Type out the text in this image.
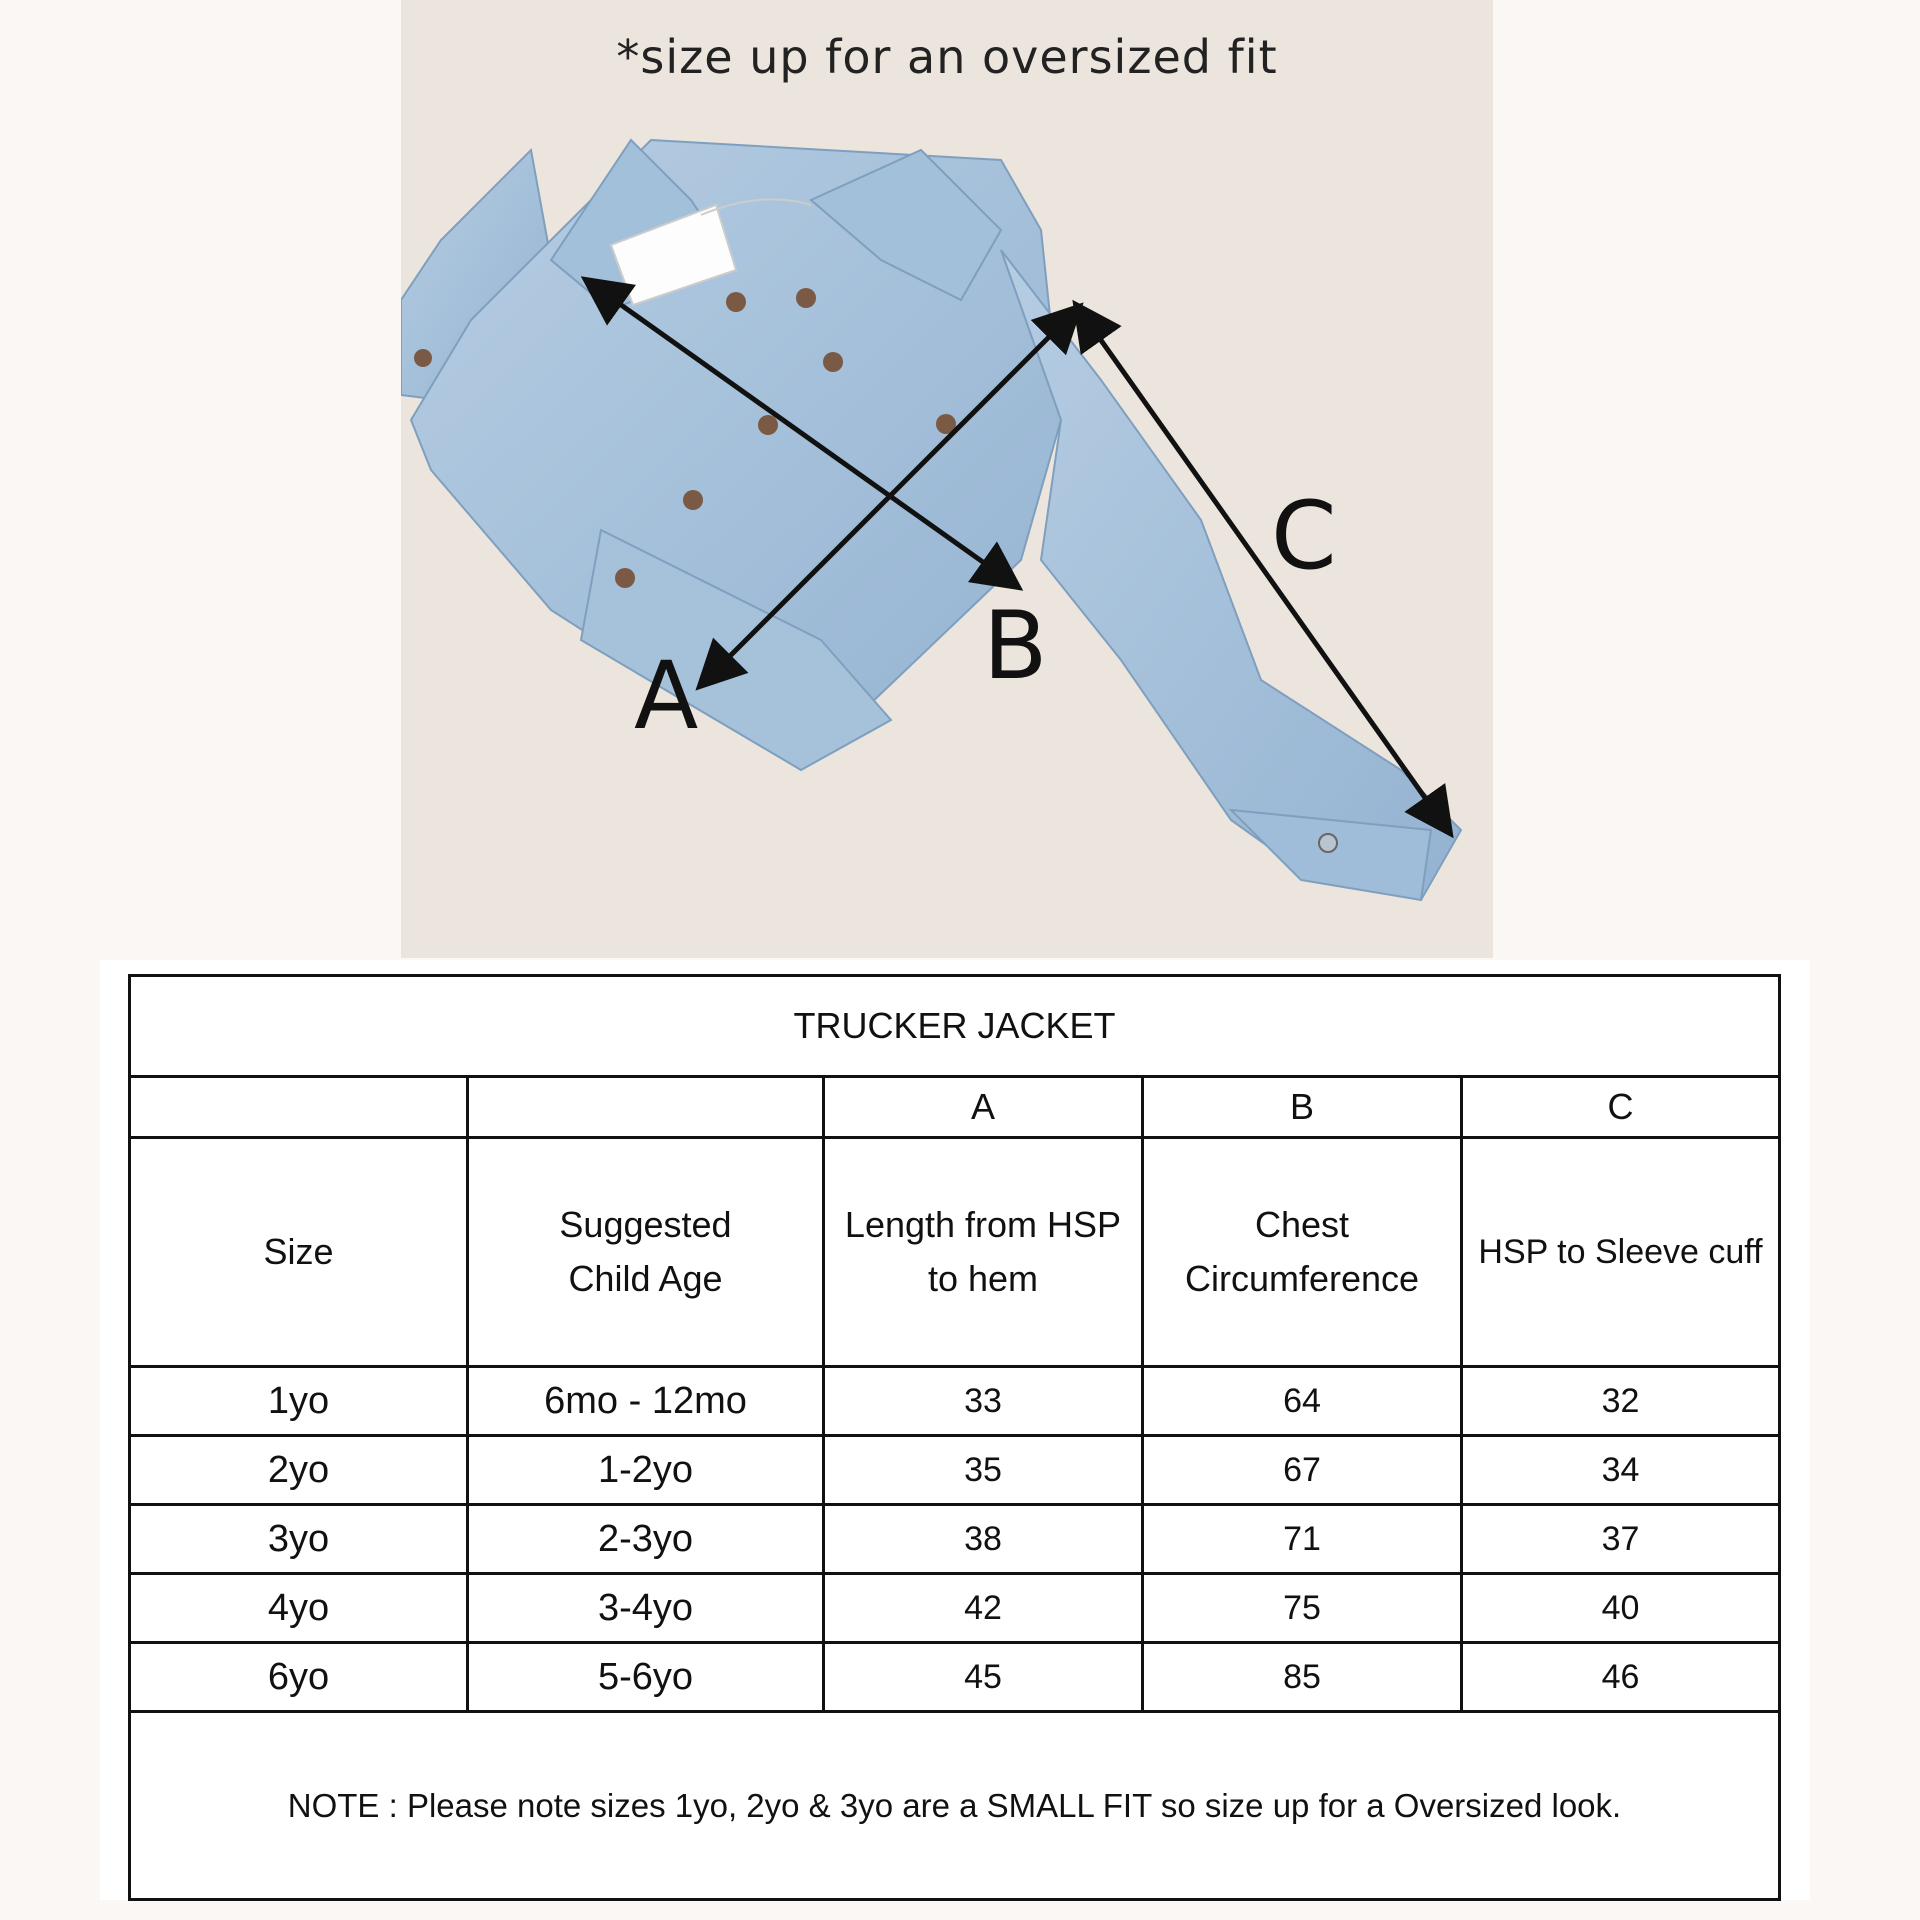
*size up for an oversized fit
A	B
C
TRUCKER JACKET				
		A	B	C
Size	Suggested Child Age	Length from HSP to hem	Chest Circumference	HSP to Sleeve cuff
1yo	6mo - 12mo	33	64	32
2yo	1-2yo	35	67	34
3yo	2-3yo	38	71	37
4yo	3-4yo	42	75	40
6yo	5-6yo	45	85	46
NOTE : Please note sizes 1yo, 2yo & 3yo are a SMALL FIT so size up for a Oversized look.				
